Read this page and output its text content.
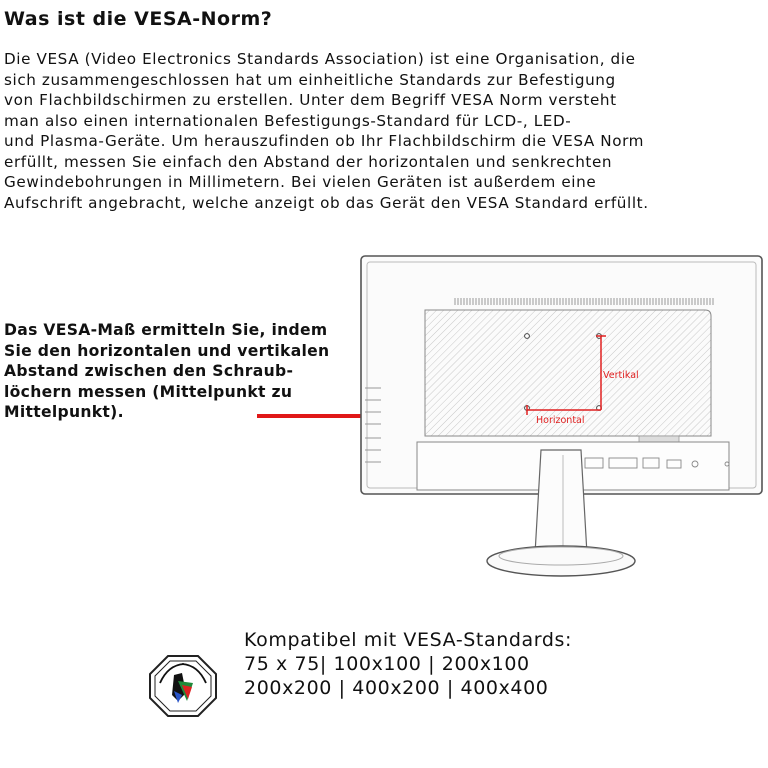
Was ist die VESA-Norm?
Die VESA (Video Electronics Standards Association) ist eine Organisation, die
sich zusammengeschlossen hat um einheitliche Standards zur Befestigung
von Flachbildschirmen zu erstellen. Unter dem Begriff VESA Norm versteht
man also einen internationalen Befestigungs-Standard für LCD-, LED-
und Plasma-Geräte. Um herauszufinden ob Ihr Flachbildschirm die VESA Norm
erfüllt, messen Sie einfach den Abstand der horizontalen und senkrechten
Gewindebohrungen in Millimetern. Bei vielen Geräten ist außerdem eine
Aufschrift angebracht, welche anzeigt ob das Gerät den VESA Standard erfüllt.
Das VESA-Maß ermitteln Sie, indem
Sie den horizontalen und vertikalen
Abstand zwischen den Schraub-
löchern messen (Mittelpunkt zu
Mittelpunkt).
Vertikal
Horizontal
Kompatibel mit VESA-Standards:
75 x 75| 100x100 | 200x100
200x200 | 400x200 | 400x400
